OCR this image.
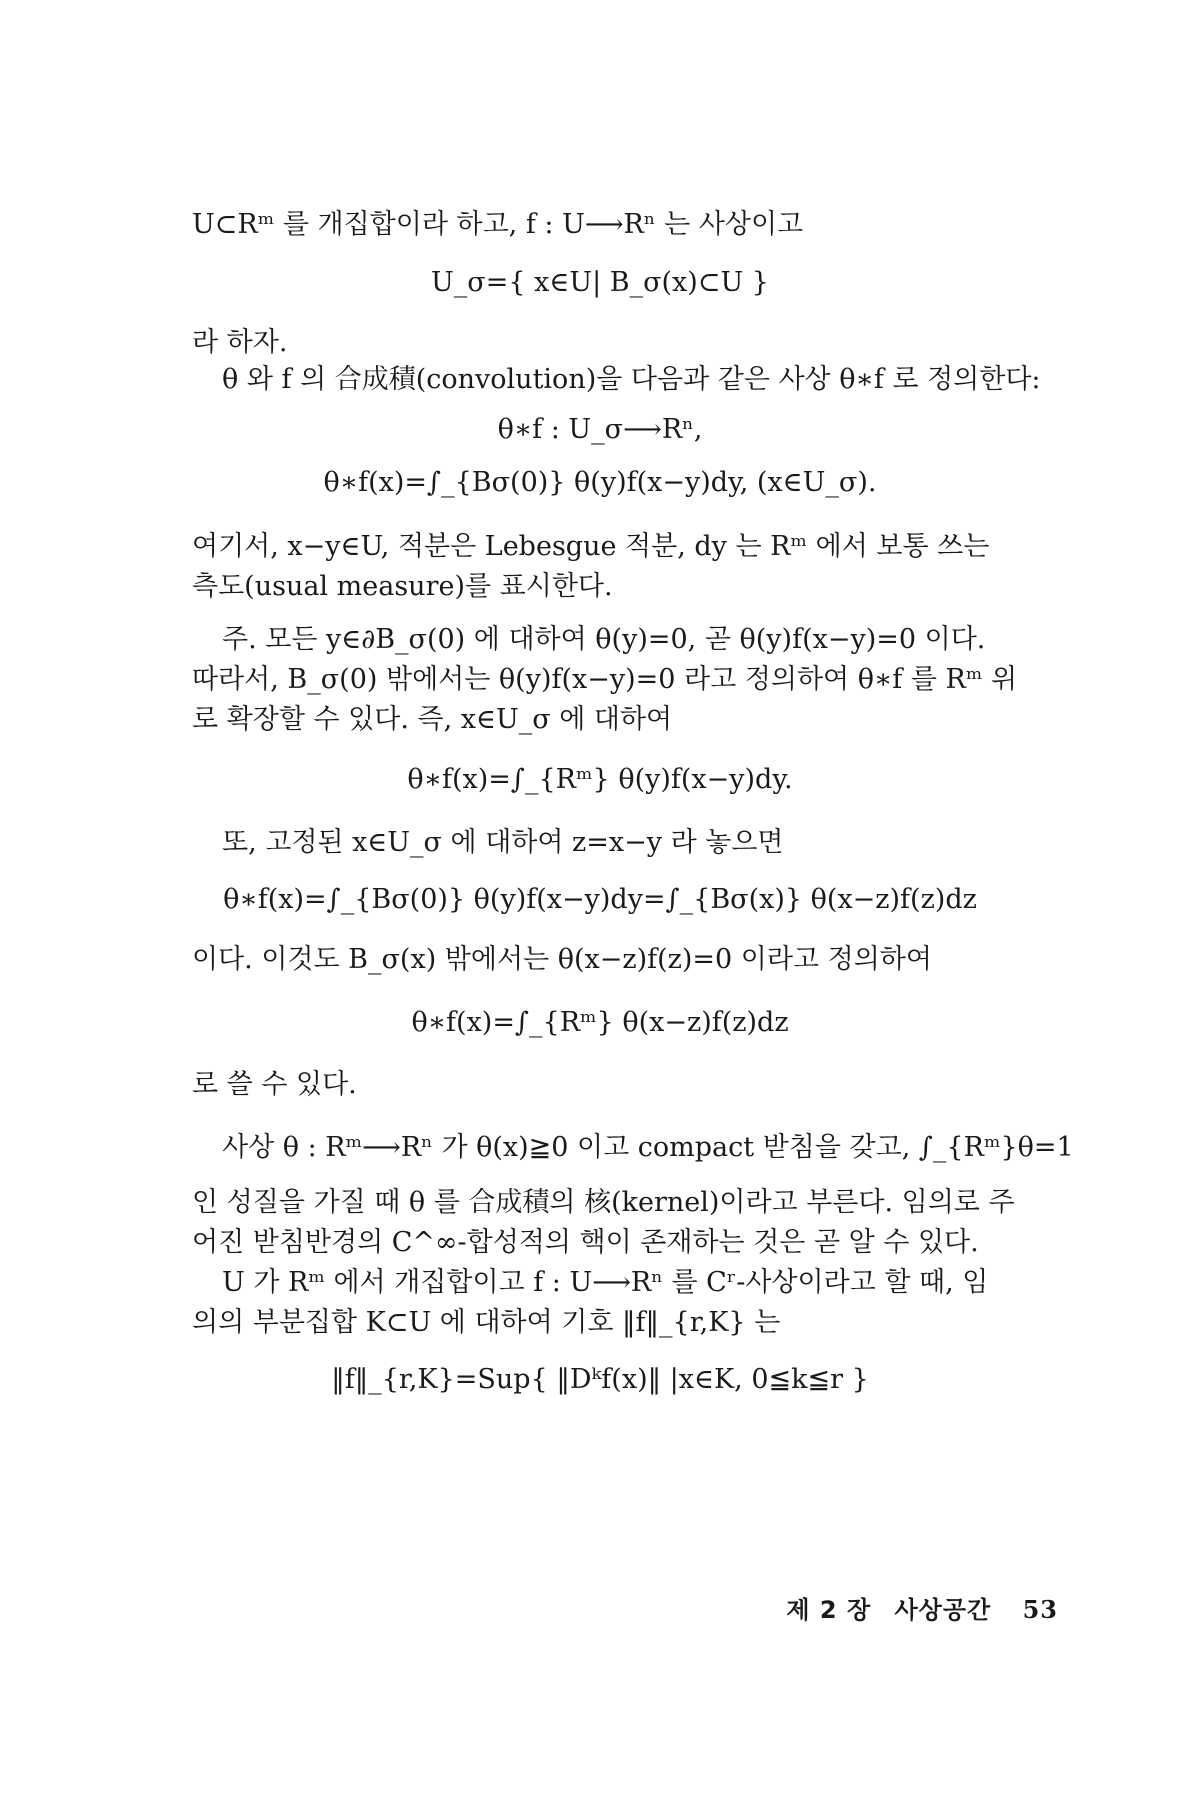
U⊂Rᵐ 를 개집합이라 하고, f : U⟶Rⁿ 는 사상이고
U_σ={ x∈U| B_σ(x)⊂U }
라 하자.
θ 와 f 의 合成積(convolution)을 다음과 같은 사상 θ∗f 로 정의한다:
θ∗f : U_σ⟶Rⁿ,
θ∗f(x)=∫_{Bσ(0)} θ(y)f(x−y)dy, (x∈U_σ).
여기서, x−y∈U, 적분은 Lebesgue 적분, dy 는 Rᵐ 에서 보통 쓰는
측도(usual measure)를 표시한다.
주. 모든 y∈∂B_σ(0) 에 대하여 θ(y)=0, 곧 θ(y)f(x−y)=0 이다.
따라서, B_σ(0) 밖에서는 θ(y)f(x−y)=0 라고 정의하여 θ∗f 를 Rᵐ 위
로 확장할 수 있다. 즉, x∈U_σ 에 대하여
θ∗f(x)=∫_{Rᵐ} θ(y)f(x−y)dy.
또, 고정된 x∈U_σ 에 대하여 z=x−y 라 놓으면
θ∗f(x)=∫_{Bσ(0)} θ(y)f(x−y)dy=∫_{Bσ(x)} θ(x−z)f(z)dz
이다. 이것도 B_σ(x) 밖에서는 θ(x−z)f(z)=0 이라고 정의하여
θ∗f(x)=∫_{Rᵐ} θ(x−z)f(z)dz
로 쓸 수 있다.
사상 θ : Rᵐ⟶Rⁿ 가 θ(x)≧0 이고 compact 받침을 갖고, ∫_{Rᵐ}θ=1
인 성질을 가질 때 θ 를 合成積의 核(kernel)이라고 부른다. 임의로 주
어진 받침반경의 C^∞-합성적의 핵이 존재하는 것은 곧 알 수 있다.
U 가 Rᵐ 에서 개집합이고 f : U⟶Rⁿ 를 Cʳ-사상이라고 할 때, 임
의의 부분집합 K⊂U 에 대하여 기호 ‖f‖_{r,K} 는
‖f‖_{r,K}=Sup{ ‖Dᵏf(x)‖ |x∈K, 0≦k≦r }
제 2 장 사상공간 53
